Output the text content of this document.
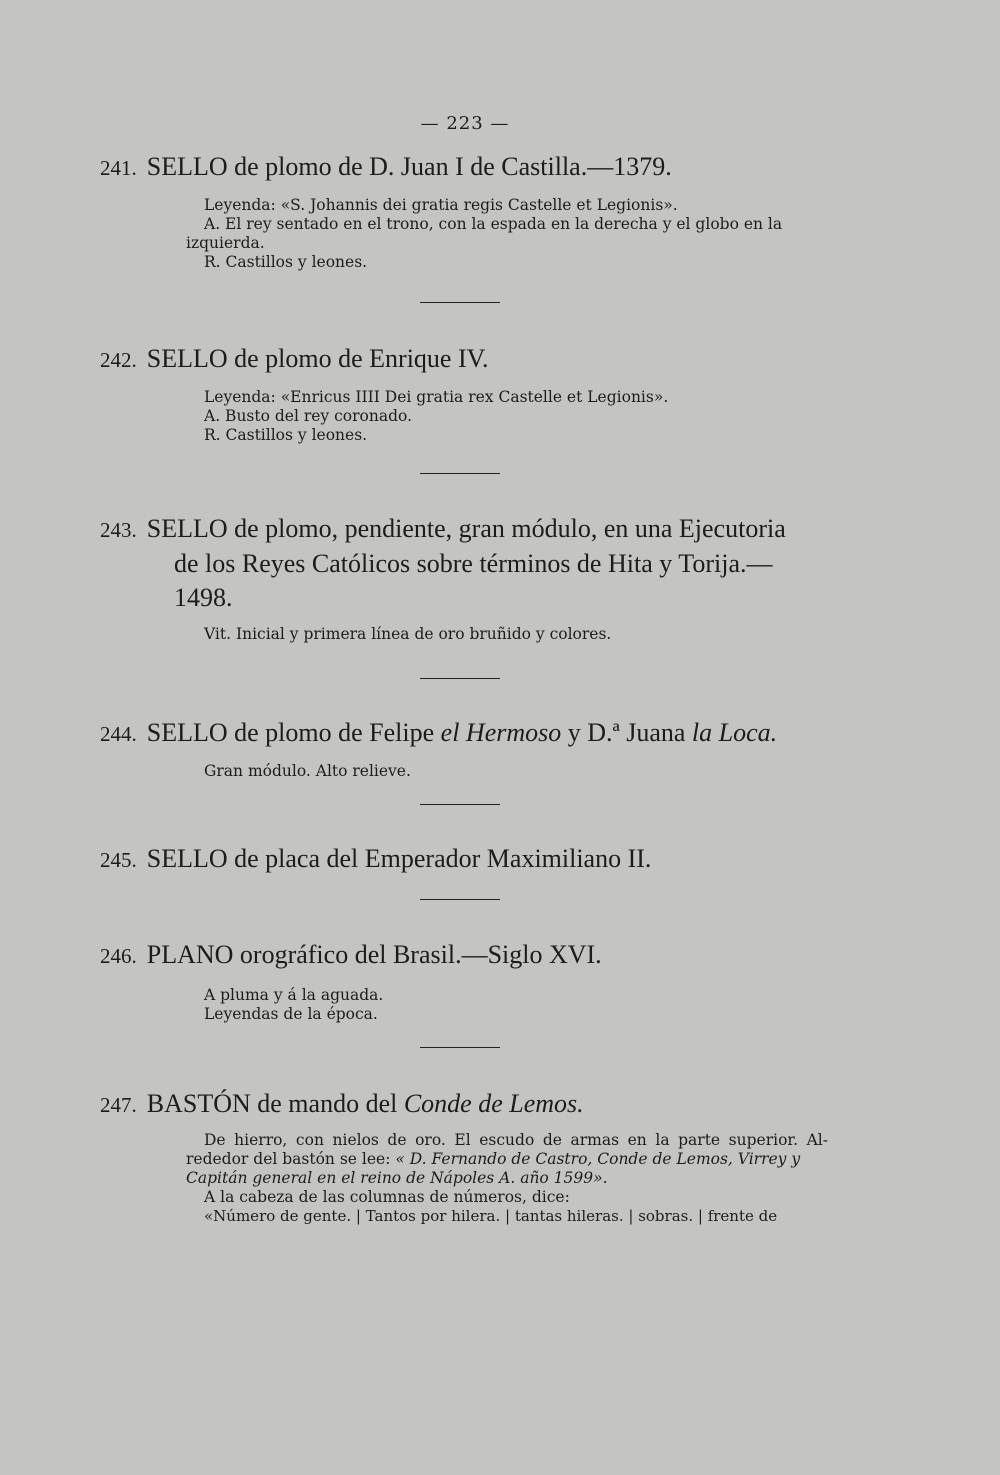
— 223 —
241. SELLO de plomo de D. Juan I de Castilla.—1379.

Leyenda: «S. Johannis dei gratia regis Castelle et Legionis».

A. El rey sentado en el trono, con la espada en la derecha y el globo en la

izquierda.

R. Castillos y leones.

242. SELLO de plomo de Enrique IV.

Leyenda: «Enricus IIII Dei gratia rex Castelle et Legionis».

A. Busto del rey coronado.

R. Castillos y leones.

243. SELLO de plomo, pendiente, gran módulo, en una Ejecutoria
de los Reyes Católicos sobre términos de Hita y Torija.—
1498.

Vit. Inicial y primera línea de oro bruñido y colores.

244. SELLO de plomo de Felipe el Hermoso y D.ª Juana la Loca.

Gran módulo. Alto relieve.

245. SELLO de placa del Emperador Maximiliano II.
246. PLANO orográfico del Brasil.—Siglo XVI.

A pluma y á la aguada.

Leyendas de la época.

247. BASTÓN de mando del Conde de Lemos.

De hierro, con nielos de oro. El escudo de armas en la parte superior. Al-

rededor del bastón se lee: « D. Fernando de Castro, Conde de Lemos, Virrey y

Capitán general en el reino de Nápoles A. año 1599».

A la cabeza de las columnas de números, dice:

«Número de gente. | Tantos por hilera. | tantas hileras. | sobras. | frente de
